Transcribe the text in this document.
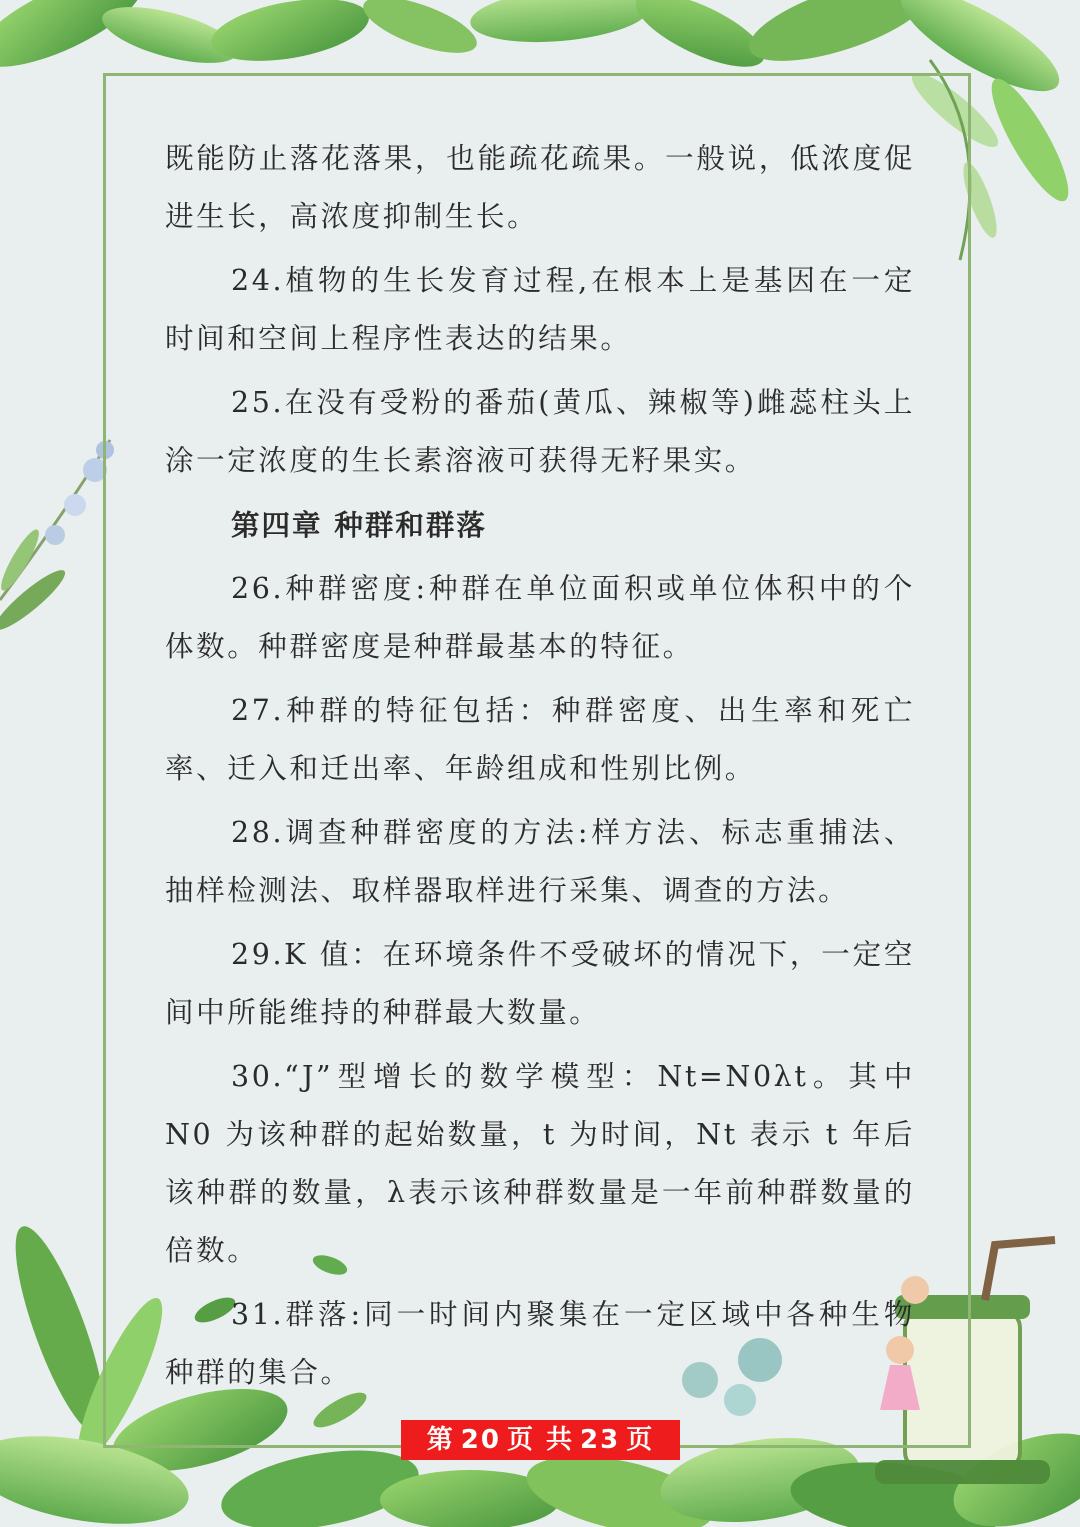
既能防止落花落果，也能疏花疏果。一般说，低浓度促进生长，高浓度抑制生长。

24.植物的生长发育过程,在根本上是基因在一定时间和空间上程序性表达的结果。

25.在没有受粉的番茄(黄瓜、辣椒等)雌蕊柱头上涂一定浓度的生长素溶液可获得无籽果实。

第四章 种群和群落

26.种群密度:种群在单位面积或单位体积中的个体数。种群密度是种群最基本的特征。

27.种群的特征包括：种群密度、出生率和死亡率、迁入和迁出率、年龄组成和性别比例。

28.调查种群密度的方法:样方法、标志重捕法、抽样检测法、取样器取样进行采集、调查的方法。

29.K 值：在环境条件不受破坏的情况下，一定空间中所能维持的种群最大数量。

30.“J”型增长的数学模型：Nt=N0λt。其中 N0 为该种群的起始数量，t 为时间，Nt 表示 t 年后该种群的数量，λ表示该种群数量是一年前种群数量的倍数。

31.群落:同一时间内聚集在一定区域中各种生物种群的集合。

第 20 页 共 23 页
